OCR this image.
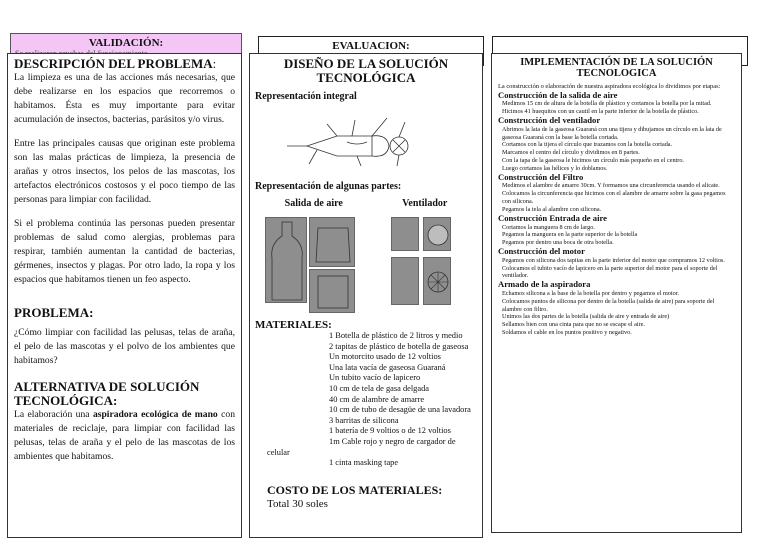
VALIDACIÓN:	EVALUACION:
DESCRIPCIÓN DEL PROBLEMA:

La limpieza es una de las acciones más necesarias, que debe realizarse en los espacios que recorremos o habitamos. Ésta es muy importante para evitar acumulación de insectos, bacterias, parásitos y/o virus.

Entre las principales causas que originan este problema son las malas prácticas de limpieza, la presencia de arañas y otros insectos, los pelos de las mascotas, los artefactos electrónicos costosos y el poco tiempo de las personas para limpiar con facilidad.

Si el problema continúa las personas pueden presentar problemas de salud como alergias, problemas para respirar, también aumentan la cantidad de bacterias, gérmenes, insectos y plagas. Por otro lado, la ropa y los espacios que habitamos tienen un feo aspecto.

PROBLEMA:

¿Cómo limpiar con facilidad las pelusas, telas de araña, el pelo de las mascotas y el polvo de los ambientes que habitamos?

ALTERNATIVA DE SOLUCIÓN TECNOLÓGICA:

La elaboración una aspiradora ecológica de mano con materiales de reciclaje, para limpiar con facilidad las pelusas, telas de araña y el pelo de las mascotas de los ambientes que habitamos.

DISEÑO DE LA SOLUCIÓN TECNOLÓGICA
Representación integral
Representación de algunas partes:
Salida de aire	Ventilador
MATERIALES:
1 Botella de plástico de 2 litros y medio
2 tapitas de plástico de botella de gaseosa
Un motorcito usado de 12 voltios
Una lata vacía de gaseosa Guaraná
Un tubito vacío de lapicero
10 cm de tela de gasa delgada
40 cm de alambre de amarre
10 cm de tubo de desagüe de una lavadora
3 barritas de silicona
1 batería de 9 voltios o de 12 voltios
1m Cable rojo y negro de cargador de celular
1 cinta masking tape
COSTO DE LOS MATERIALES:
Total 30 soles
IMPLEMENTACIÓN DE LA SOLUCIÓN TECNOLOGICA
La construcción o elaboración de nuestra aspiradora ecológica lo dividimos por etapas:
Construcción de la salida de aire
Medimos 15 cm de altura de la botella de plástico y cortamos la botella por la mitad.
Hicimos 41 huequitos con un cautil en la parte inferior de la botella de plástico.
Construcción del ventilador
Abrimos la lata de la gaseosa Guaraná con una tijera y dibujamos un círculo en la lata de gaseosa Guaraná con la base la botella cortada.
Cortamos con la tijera el círculo que trazamos con la botella cortada.
Marcamos el centro del círculo y dividimos en 8 partes.
Con la tapa de la gaseosa le hicimos un círculo más pequeño en el centro.
Luego cortamos las hélices y lo doblamos.
Construcción del Filtro
Medimos el alambre de amarre 30cm. Y formamos una circunferencia usando el alicate.
Colocamos la circunferencia que hicimos con el alambre de amarre sobre la gasa pegamos con silicona.
Pegamos la tela al alambre con silicona.
Construcción Entrada de aire
Cortamos la manguera 8 cm de largo.
Pegamos la manguera en la parte superior de la botella
Pegamos por dentro una boca de otra botella.
Construcción del motor
Pegamos con silicona dos tapitas en la parte inferior del motor que compramos 12 voltios.
Colocamos el tubito vacío de lapicero en la parte superior del motor para el soporte del ventilador.
Armado de la aspiradora
Echamos silicona a la base de la botella por dentro y pegamos el motor.
Colocamos puntos de silicona por dentro de la botella (salida de aire) para soporte del alambre con filtro.
Unimos las dos partes de la botella (salida de aire y entrada de aire)
Sellamos bien con una cinta para que no se escape el aire.
Soldamos el cable en los puntos positivo y negativo.
